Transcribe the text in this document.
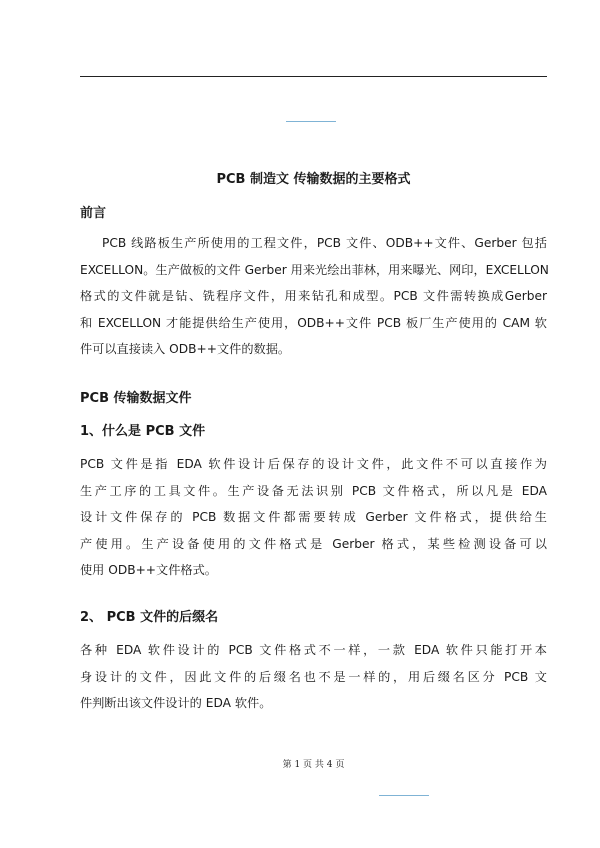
PCB 制造文 传输数据的主要格式
前言
PCB 线路板生产所使用的工程文件，PCB 文件、ODB++文件、Gerber 包括
EXCELLON。生产做板的文件 Gerber 用来光绘出菲林，用来曝光、网印，EXCELLON
格式的文件就是钻、铣程序文件，用来钻孔和成型。PCB 文件需转换成Gerber
和 EXCELLON 才能提供给生产使用，ODB++文件 PCB 板厂生产使用的 CAM 软
件可以直接读入 ODB++文件的数据。
PCB 传输数据文件
1、什么是 PCB 文件
PCB 文件是指 EDA 软件设计后保存的设计文件，此文件不可以直接作为
生产工序的工具文件。生产设备无法识别 PCB 文件格式，所以凡是 EDA
设计文件保存的 PCB 数据文件都需要转成 Gerber 文件格式，提供给生
产使用。生产设备使用的文件格式是 Gerber 格式，某些检测设备可以
使用 ODB++文件格式。
2、 PCB 文件的后缀名
各种 EDA 软件设计的 PCB 文件格式不一样，一款 EDA 软件只能打开本
身设计的文件，因此文件的后缀名也不是一样的，用后缀名区分 PCB 文
件判断出该文件设计的 EDA 软件。

第 1 页 共 4 页
